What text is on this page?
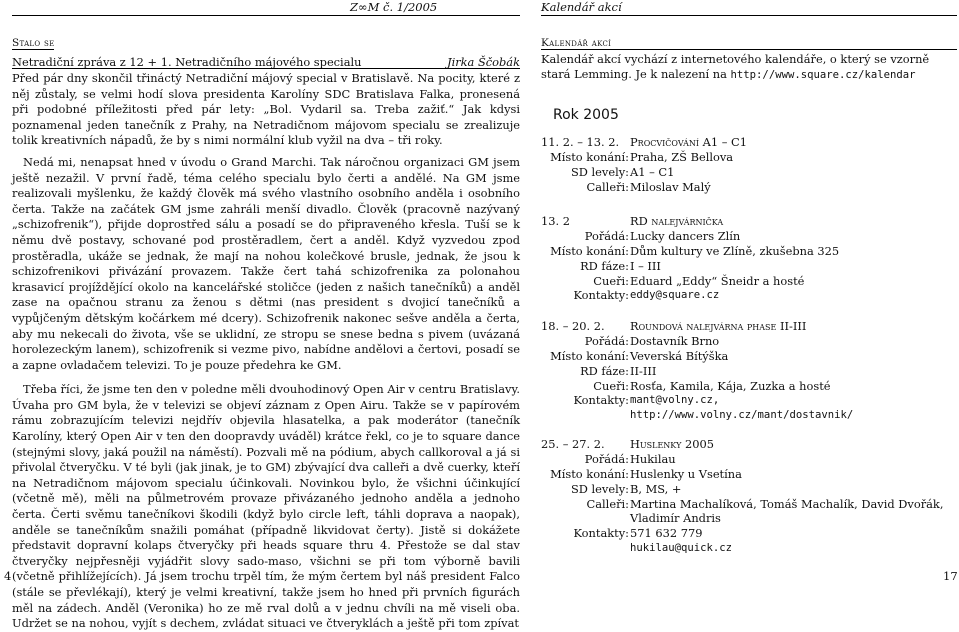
Z∞M č. 1/2005	Kalendář akcí
Stalo se
Netradiční zpráva z 12 + 1. Netradičního májového specialu	Jirka Ščobák

Před pár dny skončil třináctý Netradiční májový special v Bratislavě. Na pocity, které z něj zůstaly, se velmi hodí slova presidenta Karolíny SDC Bratislava Falka, pronesená při podobné příležitosti před pár lety: „Bol. Vydaril sa. Treba zažiť.“ Jak kdysi poznamenal jeden tanečník z Prahy, na Netradičnom májovom specialu se zrealizuje tolik kreativních nápadů, že by s nimi normální klub vyžil na dva – tři roky.

Nedá mi, nenapsat hned v úvodu o Grand Marchi. Tak náročnou organizaci GM jsem ještě nezažil. V první řadě, téma celého specialu bylo čerti a andělé. Na GM jsme realizovali myšlenku, že každý člověk má svého vlastního osobního anděla i osobního čerta. Takže na začátek GM jsme zahráli menší divadlo. Člověk (pracovně nazývaný „schizofrenik“), přijde doprostřed sálu a posadí se do připraveného křesla. Tuší se k němu dvě postavy, schované pod prostěradlem, čert a anděl. Když vyzvedou zpod prostěradla, ukáže se jednak, že mají na nohou kolečkové brusle, jednak, že jsou k schizofrenikovi přivázání provazem. Takže čert tahá schizofrenika za polonahou krasavicí projíždějící okolo na kancelářské stoličce (jeden z našich tanečníků) a anděl zase na opačnou stranu za ženou s dětmi (nas president s dvojicí tanečníků a vypůjčeným dětským kočárkem mé dcery). Schizofrenik nakonec sešve anděla a čerta, aby mu nekecali do života, vše se uklidní, ze stropu se snese bedna s pivem (uvázaná horolezeckým lanem), schizofrenik si vezme pivo, nabídne andělovi a čertovi, posadí se a zapne ovladačem televizi. To je pouze předehra ke GM.

Třeba říci, že jsme ten den v poledne měli dvouhodinový Open Air v centru Bratislavy. Úvaha pro GM byla, že v televizi se objeví záznam z Open Airu. Takže se v papírovém rámu zobrazujícím televizi nejdřív objevila hlasatelka, a pak moderátor (tanečník Karolíny, který Open Air v ten den doopravdy uváděl) krátce řekl, co je to square dance (stejnými slovy, jaká použil na náměstí). Pozvali mě na pódium, abych callkoroval a já si přivolal čtveryčku. V té byli (jak jinak, je to GM) zbývající dva calleři a dvě cuerky, kteří na Netradičnom májovom specialu účinkovali. Novinkou bylo, že všichni účinkující (včetně mě), měli na půlmetrovém provaze přivázaného jednoho anděla a jednoho čerta. Čerti svěmu tanečníkovi škodili (když bylo circle left, táhli doprava a naopak), anděle se tanečníkům snažili pomáhat (případně likvidovat čerty). Jistě si dokážete představit dopravní kolaps čtveryčky při heads square thru 4. Přestože se dal stav čtveryčky nejpřesněji vyjádřit slovy sado-maso, všichni se při tom výborně bavili (včetně přihlížejících). Já jsem trochu trpěl tím, že mým čertem byl náš president Falco (stále se převlékají), který je velmi kreativní, takže jsem ho hned při prvních figurách měl na zádech. Anděl (Veronika) ho ze mě rval dolů a v jednu chvíli na mě viseli oba. Udržet se na nohou, vyjít s dechem, zvládat situaci ve čtveryklách a ještě při tom zpívat

Kalendář akcí
Kalendář akcí vychází z internetového kalendáře, o který se vzorně stará Lemming. Je k nalezení na http://www.square.cz/kalendar
Rok 2005
11. 2. – 13. 2. Procvičování A1 – C1
Místo konání: Praha, ZŠ Bellova
SD levely: A1 – C1
Calleři: Miloslav Malý
13. 2	RD nalejvárnička
Pořádá: Lucky dancers Zlín
Místo konání: Dům kultury ve Zlíně, zkušebna 325
RD fáze: I – III
Cueři: Eduard „Eddy“ Šneidr a hosté
Kontakty: eddy@square.cz
18. – 20. 2. Roundová nalejvárna phase II-III
Pořádá: Dostavník Brno
Místo konání: Veverská Bítýška
RD fáze: II-III
Cueři: Rosťa, Kamila, Kája, Zuzka a hosté
Kontakty: mant@volny.cz,
http://www.volny.cz/mant/dostavnik/
25. – 27. 2. Huslenky 2005
Pořádá: Hukilau
Místo konání: Huslenky u Vsetína
SD levely: B, MS, +
Calleři: Martina Machalíková, Tomáš Machalík, David Dvořák,
Vladimír Andris
Kontakty: 571 632 779
hukilau@quick.cz
4	17
